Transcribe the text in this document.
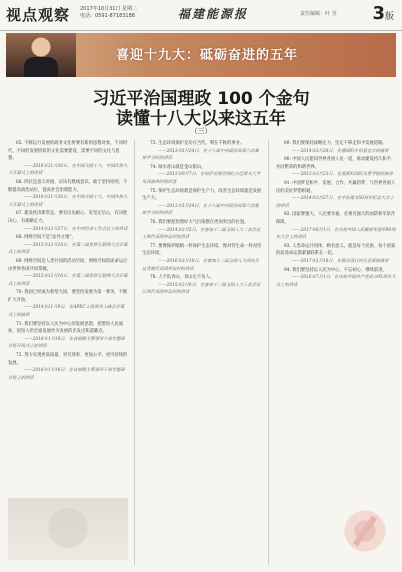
视点观察 2017年10月31日 星期二
电话：0591-87183188	福建能源报	责任编辑：叶 莹 3版
喜迎十九大：砥砺奋进的五年
习近平治国理政 100 个金句
读懂十八大以来这五年
（三）

65. 不断运行发展的政务文化将要有新的思想对象，不同时代、不同的发展阶段的文化需要建设，需要不同的文化与思想。
——2016年11月30日，在中国文联十大、中国作协九大开幕式上的讲话

66. 四位是意义对接，应该有底线意识，敢于坚持原则，不断提高政治站位，提高社会治理能力。
——2016年11月30日，在中国文联十大、中国作协九大开幕式上的讲话

67. 建设经济新常态，要有历史耐心，有坚定信心，有决胜决心，有战略定力。
——2014年12月27日，在中央经济工作会议上的讲话

68. 网络空间不是“法外之地”。
——2015年12月16日，在第二届世界互联网大会开幕式上的讲话

69. 网络空间是人类共同的活动空间，网络空间前途命运应由世界各国共同掌握。
——2015年12月16日，在第二届世界互联网大会开幕式上的讲话

70. 我国已经成为新型大国，要坚持发展为第一要务，不断扩大开放。
——2014年11月9日，在APEC工商领导人峰会开幕式上的演讲

71. 我们要坚持以人民为中心的发展思想，把增进人民福祉、促进人的全面发展作为发展的出发点和落脚点。
——2016年1月18日，在省部级主要领导干部专题研讨班开班式上的讲话

72. 努力实现更高质量、更有效率、更加公平、更可持续的发展。
——2016年1月18日，在省部级主要领导干部专题研讨班上的讲话

73. 生态环境保护是功在当代、利在千秋的事业。
——2013年5月24日，在十八届中央政治局第六次集体学习时的讲话

74. 绿水青山就是金山银山。
——2013年9月7日，在哈萨克斯坦纳扎尔巴耶夫大学发表演讲时的回答

75. 保护生态环境就是保护生产力，改善生态环境就是发展生产力。
——2013年5月24日，在十八届中央政治局第六次集体学习时的讲话

76. 我们要把治理好大气污染摆在更加突出的位置。
——2014年3月5日，在参加十二届全国人大二次会议上海代表团审议时的讲话

77. 要像保护眼睛一样保护生态环境，像对待生命一样对待生态环境。
——2016年3月10日，在参加十二届全国人大四次会议青海代表团审议时的讲话

78. 人不负青山，青山定不负人。
——2015年3月6日，在参加十二届全国人大三次会议江西代表团审议时的讲话

89. 我们要保持战略定力，坚定不移走和平发展道路。
——2014年3月28日，在德国科尔伯基金会的演讲

90. 中国人民愿同世界各国人民一道，推动建设持久和平、共同繁荣的和谐世界。
——2013年3月23日，在莫斯科国际关系学院的演讲

91. 中国梦是和平、发展、合作、共赢的梦，与世界各国人民的美好梦想相通。
——2014年3月27日，在中法建交50周年纪念大会上的讲话

92. 国家要强大，人民要幸福，必须有强大的国防和军队作保障。
——2017年8月1日，在庆祝中国人民解放军建军90周年大会上的讲话

93. 人类命运共同体，顾名思义，就是每个民族、每个国家的前途命运都紧紧联系在一起。
——2017年1月18日，在联合国日内瓦总部的演讲

94. 我们要坚持以人民为中心，不忘初心、继续前进。
——2016年7月1日，在庆祝中国共产党成立95周年大会上的讲话
